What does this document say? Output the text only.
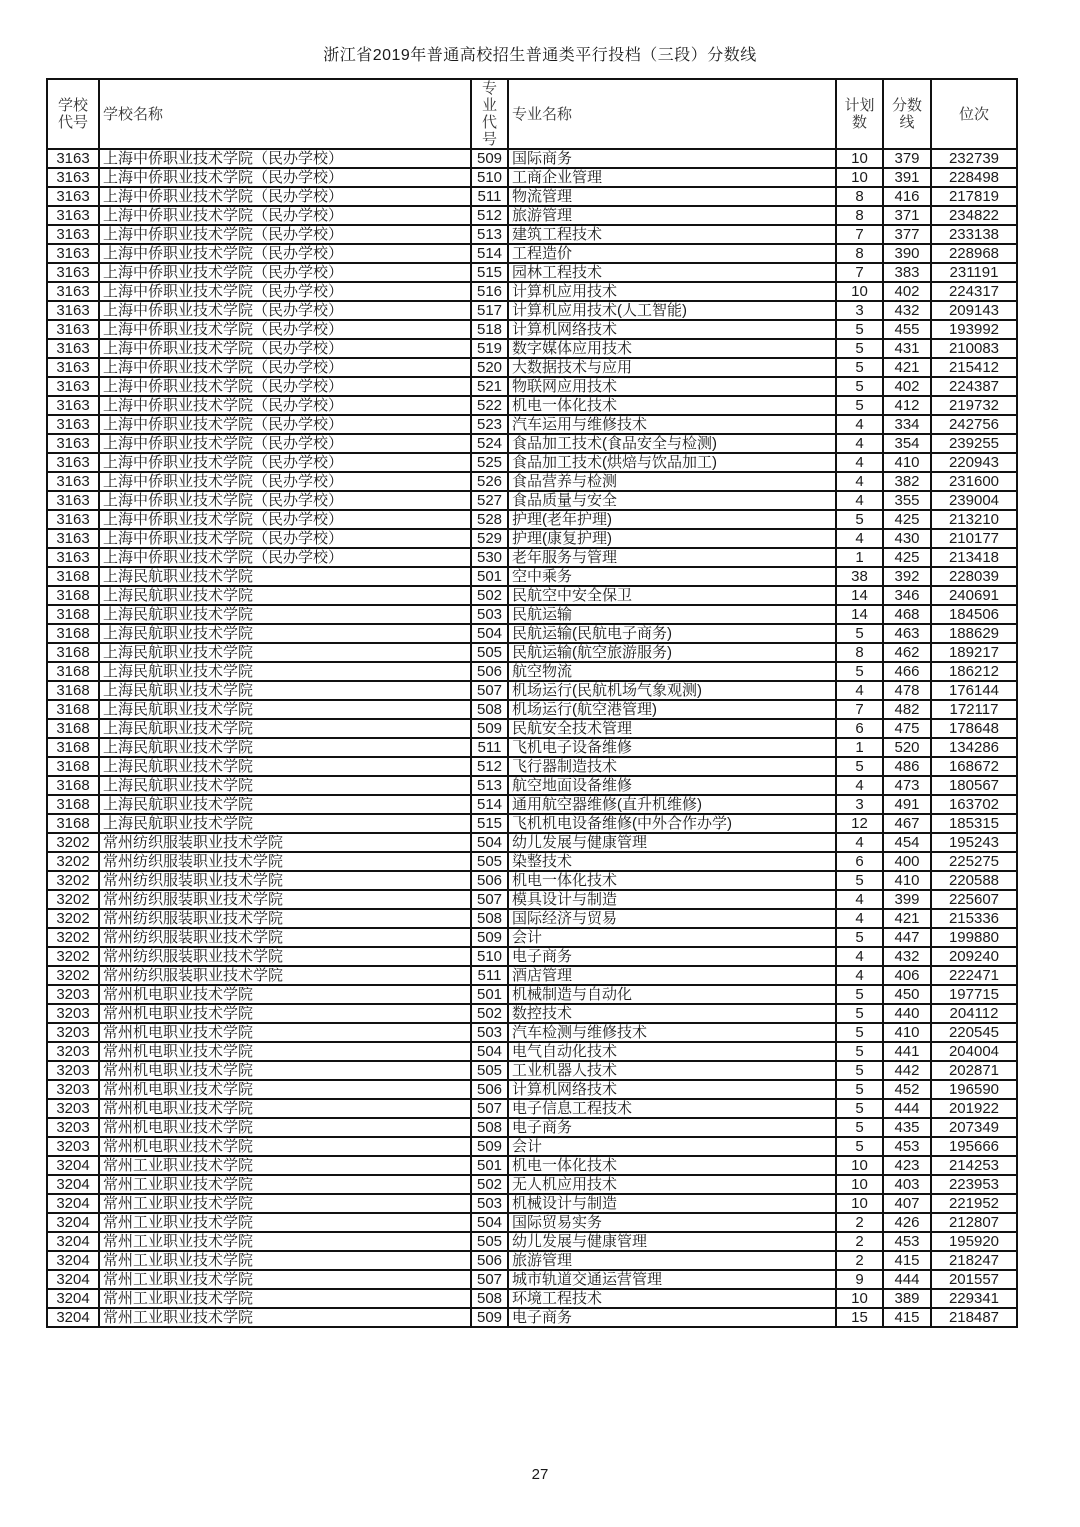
浙江省2019年普通高校招生普通类平行投档（三段）分数线
学校代号	学校名称	专业代号	专业名称	计划数	分数线	位次
3163	上海中侨职业技术学院（民办学校）	509	国际商务	10	379	232739
3163	上海中侨职业技术学院（民办学校）	510	工商企业管理	10	391	228498
3163	上海中侨职业技术学院（民办学校）	511	物流管理	8	416	217819
3163	上海中侨职业技术学院（民办学校）	512	旅游管理	8	371	234822
3163	上海中侨职业技术学院（民办学校）	513	建筑工程技术	7	377	233138
3163	上海中侨职业技术学院（民办学校）	514	工程造价	8	390	228968
3163	上海中侨职业技术学院（民办学校）	515	园林工程技术	7	383	231191
3163	上海中侨职业技术学院（民办学校）	516	计算机应用技术	10	402	224317
3163	上海中侨职业技术学院（民办学校）	517	计算机应用技术(人工智能)	3	432	209143
3163	上海中侨职业技术学院（民办学校）	518	计算机网络技术	5	455	193992
3163	上海中侨职业技术学院（民办学校）	519	数字媒体应用技术	5	431	210083
3163	上海中侨职业技术学院（民办学校）	520	大数据技术与应用	5	421	215412
3163	上海中侨职业技术学院（民办学校）	521	物联网应用技术	5	402	224387
3163	上海中侨职业技术学院（民办学校）	522	机电一体化技术	5	412	219732
3163	上海中侨职业技术学院（民办学校）	523	汽车运用与维修技术	4	334	242756
3163	上海中侨职业技术学院（民办学校）	524	食品加工技术(食品安全与检测)	4	354	239255
3163	上海中侨职业技术学院（民办学校）	525	食品加工技术(烘焙与饮品加工)	4	410	220943
3163	上海中侨职业技术学院（民办学校）	526	食品营养与检测	4	382	231600
3163	上海中侨职业技术学院（民办学校）	527	食品质量与安全	4	355	239004
3163	上海中侨职业技术学院（民办学校）	528	护理(老年护理)	5	425	213210
3163	上海中侨职业技术学院（民办学校）	529	护理(康复护理)	4	430	210177
3163	上海中侨职业技术学院（民办学校）	530	老年服务与管理	1	425	213418
3168	上海民航职业技术学院	501	空中乘务	38	392	228039
3168	上海民航职业技术学院	502	民航空中安全保卫	14	346	240691
3168	上海民航职业技术学院	503	民航运输	14	468	184506
3168	上海民航职业技术学院	504	民航运输(民航电子商务)	5	463	188629
3168	上海民航职业技术学院	505	民航运输(航空旅游服务)	8	462	189217
3168	上海民航职业技术学院	506	航空物流	5	466	186212
3168	上海民航职业技术学院	507	机场运行(民航机场气象观测)	4	478	176144
3168	上海民航职业技术学院	508	机场运行(航空港管理)	7	482	172117
3168	上海民航职业技术学院	509	民航安全技术管理	6	475	178648
3168	上海民航职业技术学院	511	飞机电子设备维修	1	520	134286
3168	上海民航职业技术学院	512	飞行器制造技术	5	486	168672
3168	上海民航职业技术学院	513	航空地面设备维修	4	473	180567
3168	上海民航职业技术学院	514	通用航空器维修(直升机维修)	3	491	163702
3168	上海民航职业技术学院	515	飞机机电设备维修(中外合作办学)	12	467	185315
3202	常州纺织服装职业技术学院	504	幼儿发展与健康管理	4	454	195243
3202	常州纺织服装职业技术学院	505	染整技术	6	400	225275
3202	常州纺织服装职业技术学院	506	机电一体化技术	5	410	220588
3202	常州纺织服装职业技术学院	507	模具设计与制造	4	399	225607
3202	常州纺织服装职业技术学院	508	国际经济与贸易	4	421	215336
3202	常州纺织服装职业技术学院	509	会计	5	447	199880
3202	常州纺织服装职业技术学院	510	电子商务	4	432	209240
3202	常州纺织服装职业技术学院	511	酒店管理	4	406	222471
3203	常州机电职业技术学院	501	机械制造与自动化	5	450	197715
3203	常州机电职业技术学院	502	数控技术	5	440	204112
3203	常州机电职业技术学院	503	汽车检测与维修技术	5	410	220545
3203	常州机电职业技术学院	504	电气自动化技术	5	441	204004
3203	常州机电职业技术学院	505	工业机器人技术	5	442	202871
3203	常州机电职业技术学院	506	计算机网络技术	5	452	196590
3203	常州机电职业技术学院	507	电子信息工程技术	5	444	201922
3203	常州机电职业技术学院	508	电子商务	5	435	207349
3203	常州机电职业技术学院	509	会计	5	453	195666
3204	常州工业职业技术学院	501	机电一体化技术	10	423	214253
3204	常州工业职业技术学院	502	无人机应用技术	10	403	223953
3204	常州工业职业技术学院	503	机械设计与制造	10	407	221952
3204	常州工业职业技术学院	504	国际贸易实务	2	426	212807
3204	常州工业职业技术学院	505	幼儿发展与健康管理	2	453	195920
3204	常州工业职业技术学院	506	旅游管理	2	415	218247
3204	常州工业职业技术学院	507	城市轨道交通运营管理	9	444	201557
3204	常州工业职业技术学院	508	环境工程技术	10	389	229341
3204	常州工业职业技术学院	509	电子商务	15	415	218487
27
